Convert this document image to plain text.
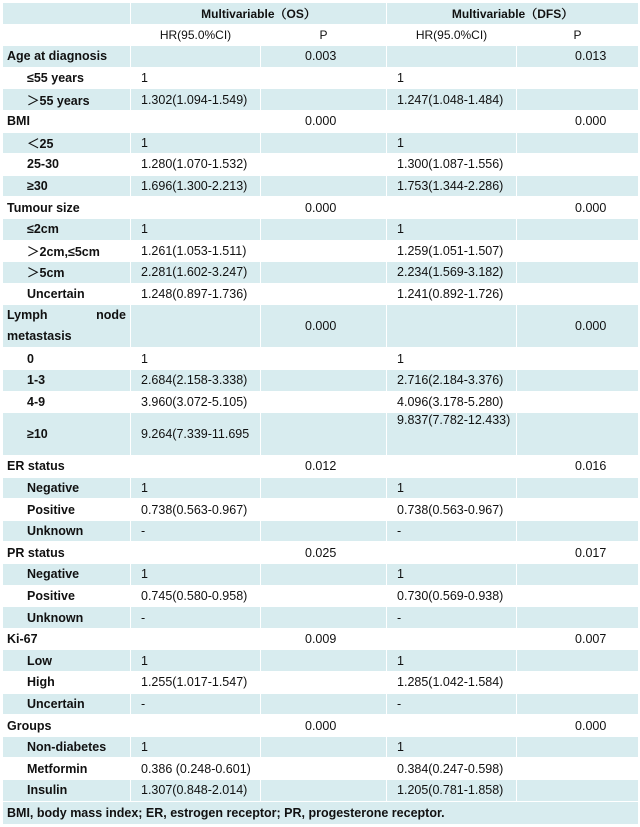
	Multivariable（OS）		Multivariable（DFS）	
	HR(95.0%CI)	P	HR(95.0%CI)	P
Age at diagnosis		0.003		0.013
≤55 years	1		1	
＞55 years	1.302(1.094-1.549)		1.247(1.048-1.484)	
BMI		0.000		0.000
＜25	1		1	
25-30	1.280(1.070-1.532)		1.300(1.087-1.556)	
≥30	1.696(1.300-2.213)		1.753(1.344-2.286)	
Tumour size		0.000		0.000
≤2cm	1		1	
＞2cm,≤5cm	1.261(1.053-1.511)		1.259(1.051-1.507)	
＞5cm	2.281(1.602-3.247)		2.234(1.569-3.182)	
Uncertain	1.248(0.897-1.736)		1.241(0.892-1.726)	
Lymph node metastasis		0.000		0.000
0	1		1	
1-3	2.684(2.158-3.338)		2.716(2.184-3.376)	
4-9	3.960(3.072-5.105)		4.096(3.178-5.280)	
≥10	9.264(7.339-11.695		9.837(7.782-12.433)	
ER status		0.012		0.016
Negative	1		1	
Positive	0.738(0.563-0.967)		0.738(0.563-0.967)	
Unknown	-		-	
PR status		0.025		0.017
Negative	1		1	
Positive	0.745(0.580-0.958)		0.730(0.569-0.938)	
Unknown	-		-	
Ki-67		0.009		0.007
Low	1		1	
High	1.255(1.017-1.547)		1.285(1.042-1.584)	
Uncertain	-		-	
Groups		0.000		0.000
Non-diabetes	1		1	
Metformin	0.386 (0.248-0.601)		0.384(0.247-0.598)	
Insulin	1.307(0.848-2.014)		1.205(0.781-1.858)	
BMI, body mass index; ER, estrogen receptor; PR, progesterone receptor.				
